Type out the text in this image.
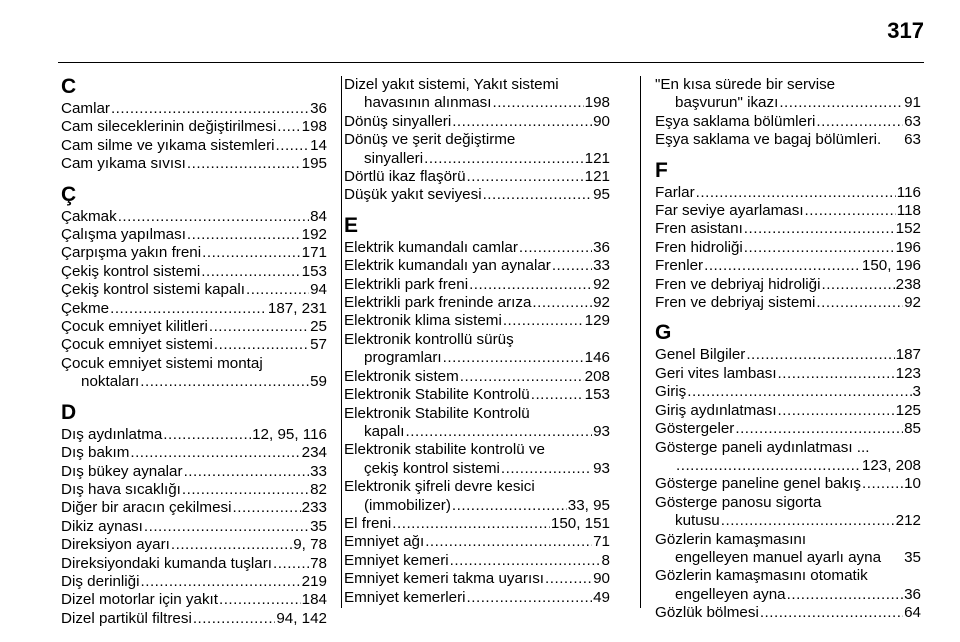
317
C
Camlar .....	36
Cam sileceklerinin değiştirilmesi ..... 198
Cam silme ve yıkama sistemleri ..... 14
Cam yıkama sıvısı .....	195
Ç
Çakmak .....	84
Çalışma yapılması .....	192
Çarpışma yakın freni .....	171
Çekiş kontrol sistemi .....	153
Çekiş kontrol sistemi kapalı .....	94
Çekme .....	187, 231
Çocuk emniyet kilitleri .....	25
Çocuk emniyet sistemi .....	57
Çocuk emniyet sistemi montaj
noktaları .....	59
D
Dış aydınlatma .....	12, 95, 116
Dış bakım .....	234
Dış bükey aynalar .....	33
Dış hava sıcaklığı .....	82
Diğer bir aracın çekilmesi .....	233
Dikiz aynası .....	35
Direksiyon ayarı .....	9, 78
Direksiyondaki kumanda tuşları .....	78
Diş derinliği .....	219
Dizel motorlar için yakıt .....	184
Dizel partikül filtresi .....	94, 142
Dizel yakıt sistemi, Yakıt sistemi
havasının alınması .....	198
Dönüş sinyalleri .....	90
Dönüş ve şerit değiştirme
sinyalleri .....	121
Dörtlü ikaz flaşörü .....	121
Düşük yakıt seviyesi .....	95
E
Elektrik kumandalı camlar .....	36
Elektrik kumandalı yan aynalar .....	33
Elektrikli park freni .....	92
Elektrikli park freninde arıza .....	92
Elektronik klima sistemi .....	129
Elektronik kontrollü sürüş
programları .....	146
Elektronik sistem .....	208
Elektronik Stabilite Kontrolü .....	153
Elektronik Stabilite Kontrolü
kapalı .....	93
Elektronik stabilite kontrolü ve
çekiş kontrol sistemi .....	93
Elektronik şifreli devre kesici
(immobilizer) .....	33, 95
El freni .....	150, 151
Emniyet ağı .....	71
Emniyet kemeri .....	8
Emniyet kemeri takma uyarısı .....	90
Emniyet kemerleri .....	49
"En kısa sürede bir servise
başvurun" ikazı .....	91
Eşya saklama bölümleri .....	63
Eşya saklama ve bagaj bölümleri. 63
F
Farlar .....	116
Far seviye ayarlaması .....	118
Fren asistanı .....	152
Fren hidroliği .....	196
Frenler .....	150, 196
Fren ve debriyaj hidroliği .....	238
Fren ve debriyaj sistemi .....	92
G
Genel Bilgiler .....	187
Geri vites lambası .....	123
Giriş .....	3
Giriş aydınlatması .....	125
Göstergeler .....	85
Gösterge paneli aydınlatması ...
.....
123, 208
Gösterge paneline genel bakış .....	10
Gösterge panosu sigorta
kutusu .....	212
Gözlerin kamaşmasını
engelleyen manuel ayarlı ayna 35
Gözlerin kamaşmasını otomatik
engelleyen ayna .....	36
Gözlük bölmesi .....	64
